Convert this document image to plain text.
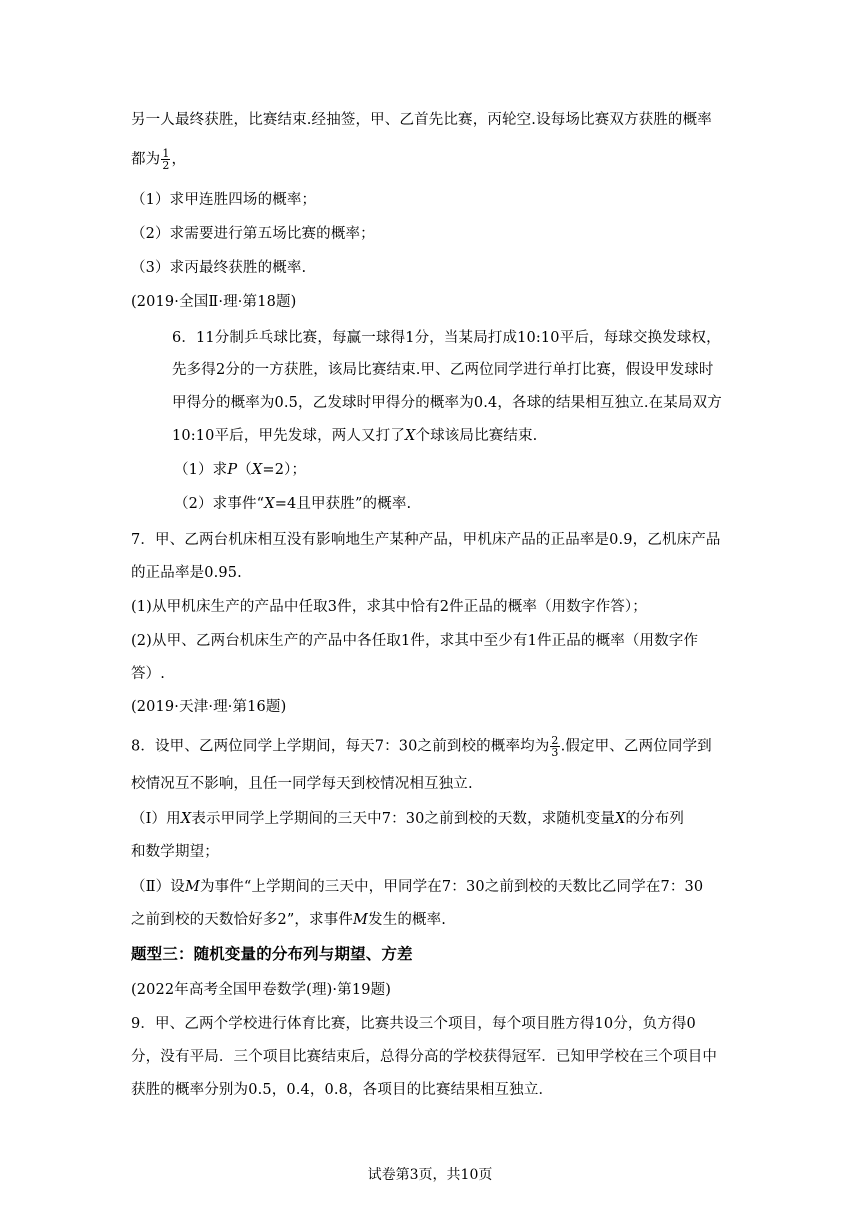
另一人最终获胜，比赛结束.经抽签，甲、乙首先比赛，丙轮空.设每场比赛双方获胜的概率
都为 $\frac{1}{2}$ ，
（1）求甲连胜四场的概率；
（2）求需要进行第五场比赛的概率；
（3）求丙最终获胜的概率.
(2019·全国Ⅱ·理·第18题)
6．11分制乒乓球比赛，每赢一球得1分，当某局打成10:10平后，每球交换发球权，
先多得2分的一方获胜，该局比赛结束.甲、乙两位同学进行单打比赛，假设甲发球时
甲得分的概率为0.5，乙发球时甲得分的概率为0.4，各球的结果相互独立.在某局双方
10:10平后，甲先发球，两人又打了X个球该局比赛结束.
（1）求P（X=2）；
（2）求事件“X=4且甲获胜”的概率.
7．甲、乙两台机床相互没有影响地生产某种产品，甲机床产品的正品率是0.9，乙机床产品
的正品率是0.95.
(1)从甲机床生产的产品中任取3件，求其中恰有2件正品的概率（用数字作答）；
(2)从甲、乙两台机床生产的产品中各任取1件，求其中至少有1件正品的概率（用数字作
答）.
(2019·天津·理·第16题)
8．设甲、乙两位同学上学期间，每天7：30之前到校的概率均为 $\frac{2}{3}$ .假定甲、乙两位同学到
校情况互不影响，且任一同学每天到校情况相互独立.
（Ⅰ）用X表示甲同学上学期间的三天中7：30之前到校的天数，求随机变量X的分布列
和数学期望；
（Ⅱ）设M为事件“上学期间的三天中，甲同学在7：30之前到校的天数比乙同学在7：30
之前到校的天数恰好多2”，求事件M发生的概率.
题型三：随机变量的分布列与期望、方差
(2022年高考全国甲卷数学(理)·第19题)
9．甲、乙两个学校进行体育比赛，比赛共设三个项目，每个项目胜方得10分，负方得0
分，没有平局．三个项目比赛结束后，总得分高的学校获得冠军．已知甲学校在三个项目中
获胜的概率分别为0.5，0.4，0.8，各项目的比赛结果相互独立．
试卷第3页，共10页
